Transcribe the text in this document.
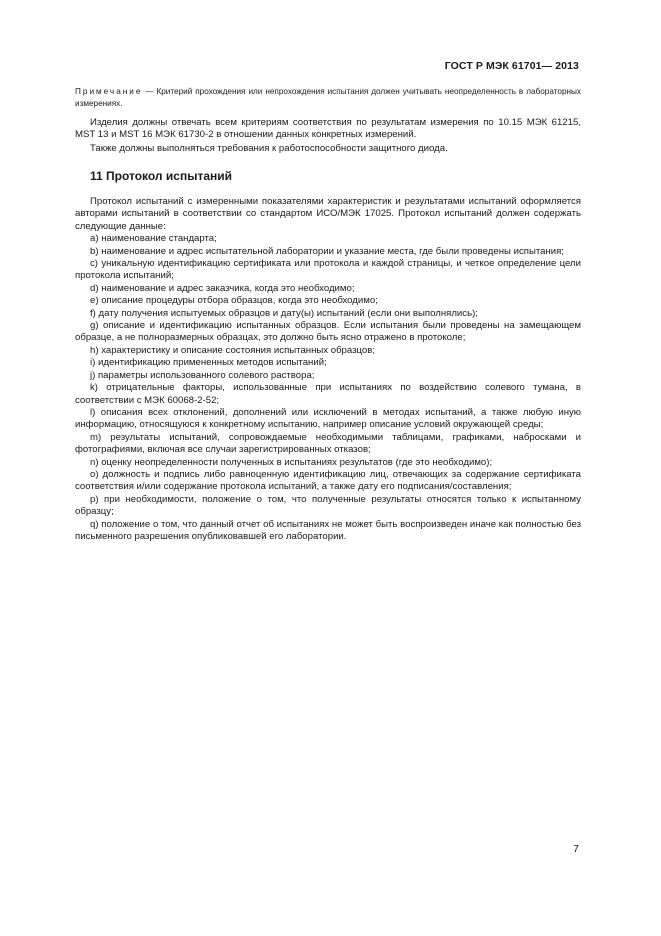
ГОСТ Р МЭК 61701— 2013
Примечание — Критерий прохождения или непрохождения испытания должен учитывать неопределенность в лабораторных измерениях.

Изделия должны отвечать всем критериям соответствия по результатам измерения по 10.15 МЭК 61215, MST 13 и MST 16 МЭК 61730-2 в отношении данных конкретных измерений.

Также должны выполняться требования к работоспособности защитного диода.

11 Протокол испытаний
Протокол испытаний с измеренными показателями характеристик и результатами испытаний оформляется авторами испытаний в соответствии со стандартом ИСО/МЭК 17025. Протокол испытаний должен содержать следующие данные:
а) наименование стандарта;
b) наименование и адрес испытательной лаборатории и указание места, где были проведены испытания;
c) уникальную идентификацию сертификата или протокола и каждой страницы, и четкое определение цели протокола испытаний;
d) наименование и адрес заказчика, когда это необходимо;
e) описание процедуры отбора образцов, когда это необходимо;
f) дату получения испытуемых образцов и дату(ы) испытаний (если они выполнялись);
g) описание и идентификацию испытанных образцов. Если испытания были проведены на замещающем образце, а не полноразмерных образцах, это должно быть ясно отражено в протоколе;
h) характеристику и описание состояния испытанных образцов;
i) идентификацию примененных методов испытаний;
j) параметры использованного солевого раствора;
k) отрицательные факторы, использованные при испытаниях по воздействию солевого тумана, в соответствии с МЭК 60068-2-52;
l) описания всех отклонений, дополнений или исключений в методах испытаний, а также любую иную информацию, относящуюся к конкретному испытанию, например описание условий окружающей среды;
m) результаты испытаний, сопровождаемые необходимыми таблицами, графиками, набросками и фотографиями, включая все случаи зарегистрированных отказов;
n) оценку неопределенности полученных в испытаниях результатов (где это необходимо);
o) должность и подпись либо равноценную идентификацию лиц, отвечающих за содержание сертификата соответствия и/или содержание протокола испытаний, а также дату его подписания/составления;
p) при необходимости, положение о том, что полученные результаты относятся только к испытанному образцу;
q) положение о том, что данный отчет об испытаниях не может быть воспроизведен иначе как полностью без письменного разрешения опубликовавшей его лаборатории.
7
